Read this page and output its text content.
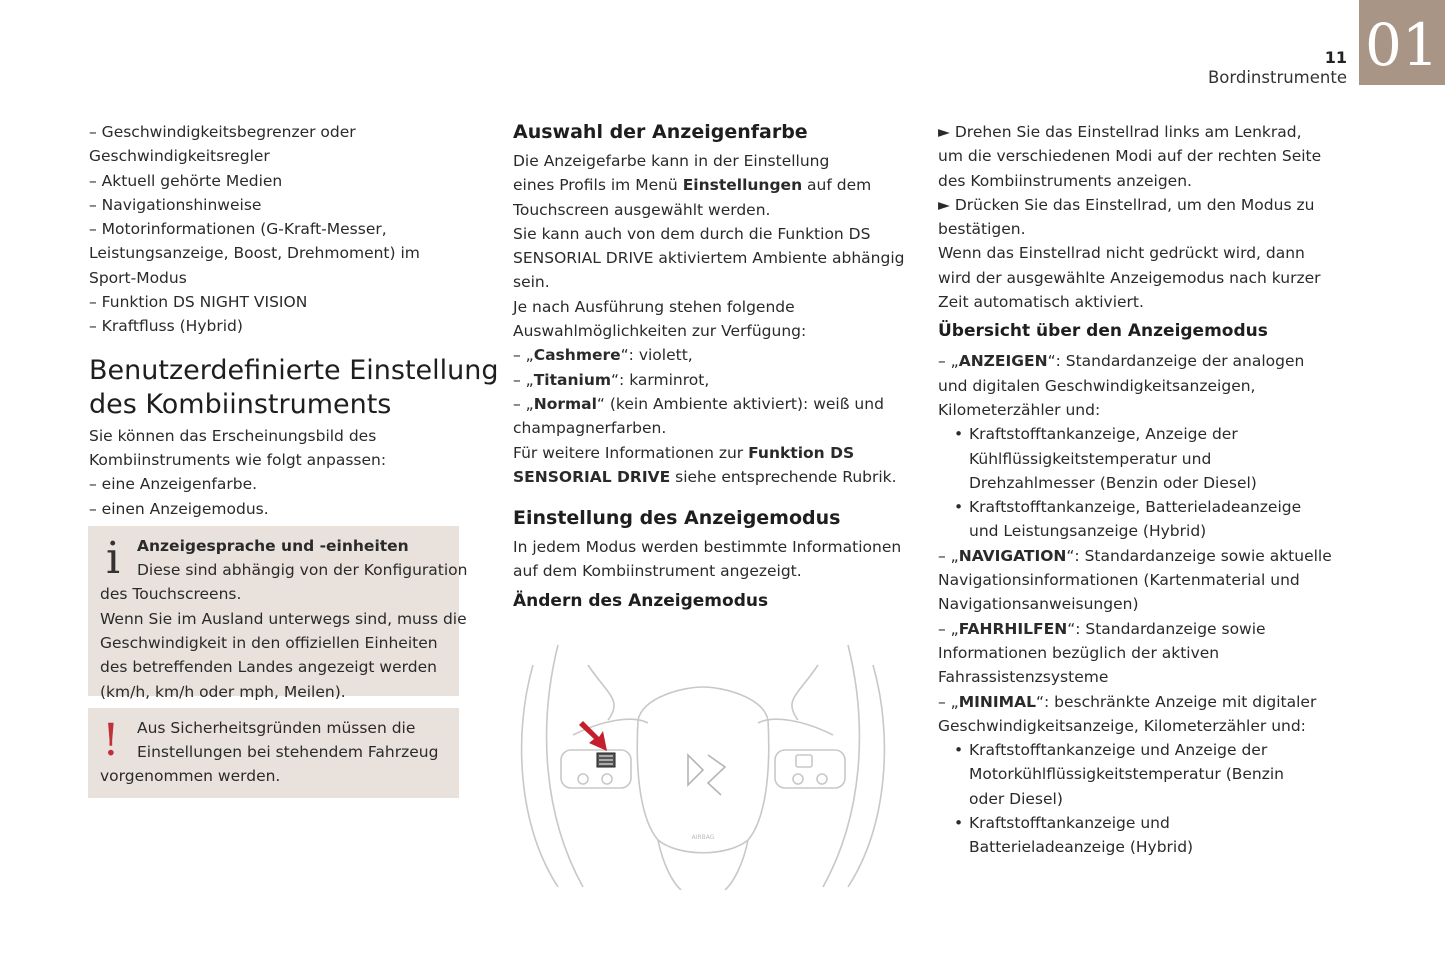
01
11
Bordinstrumente

– Geschwindigkeitsbegrenzer oder

Geschwindigkeitsregler

– Aktuell gehörte Medien

– Navigationshinweise

– Motorinformationen (G-Kraft-Messer,

Leistungsanzeige, Boost, Drehmoment) im

Sport-Modus

– Funktion DS NIGHT VISION

– Kraftfluss (Hybrid)

Benutzerdefinierte Einstellung

des Kombiinstruments

Sie können das Erscheinungsbild des

Kombiinstruments wie folgt anpassen:

– eine Anzeigenfarbe.

– einen Anzeigemodus.

i	Anzeigesprache und -einheiten

Diese sind abhängig von der Konfiguration

des Touchscreens.

Wenn Sie im Ausland unterwegs sind, muss die

Geschwindigkeit in den offiziellen Einheiten

des betreffenden Landes angezeigt werden

(km/h, km/h oder mph, Meilen).

!	Aus Sicherheitsgründen müssen die

Einstellungen bei stehendem Fahrzeug

vorgenommen werden.

Auswahl der Anzeigenfarbe

Die Anzeigefarbe kann in der Einstellung

eines Profils im Menü Einstellungen auf dem

Touchscreen ausgewählt werden.

Sie kann auch von dem durch die Funktion DS

SENSORIAL DRIVE aktiviertem Ambiente abhängig

sein.

Je nach Ausführung stehen folgende

Auswahlmöglichkeiten zur Verfügung:

– „Cashmere“: violett,

– „Titanium“: karminrot,

– „Normal“ (kein Ambiente aktiviert): weiß und

champagnerfarben.

Für weitere Informationen zur Funktion DS

SENSORIAL DRIVE siehe entsprechende Rubrik.

Einstellung des Anzeigemodus

In jedem Modus werden bestimmte Informationen

auf dem Kombiinstrument angezeigt.

Ändern des Anzeigemodus

AIRBAG

► Drehen Sie das Einstellrad links am Lenkrad,

um die verschiedenen Modi auf der rechten Seite

des Kombiinstruments anzeigen.

► Drücken Sie das Einstellrad, um den Modus zu

bestätigen.

Wenn das Einstellrad nicht gedrückt wird, dann

wird der ausgewählte Anzeigemodus nach kurzer

Zeit automatisch aktiviert.

Übersicht über den Anzeigemodus

– „ANZEIGEN“: Standardanzeige der analogen

und digitalen Geschwindigkeitsanzeigen,

Kilometerzähler und:

• Kraftstofftankanzeige, Anzeige der
Kühlflüssigkeitstemperatur und
Drehzahlmesser (Benzin oder Diesel)
• Kraftstofftankanzeige, Batterieladeanzeige
und Leistungsanzeige (Hybrid)

– „NAVIGATION“: Standardanzeige sowie aktuelle

Navigationsinformationen (Kartenmaterial und

Navigationsanweisungen)

– „FAHRHILFEN“: Standardanzeige sowie

Informationen bezüglich der aktiven

Fahrassistenzsysteme

– „MINIMAL“: beschränkte Anzeige mit digitaler

Geschwindigkeitsanzeige, Kilometerzähler und:

• Kraftstofftankanzeige und Anzeige der
Motorkühlflüssigkeitstemperatur (Benzin
oder Diesel)
• Kraftstofftankanzeige und
Batterieladeanzeige (Hybrid)
